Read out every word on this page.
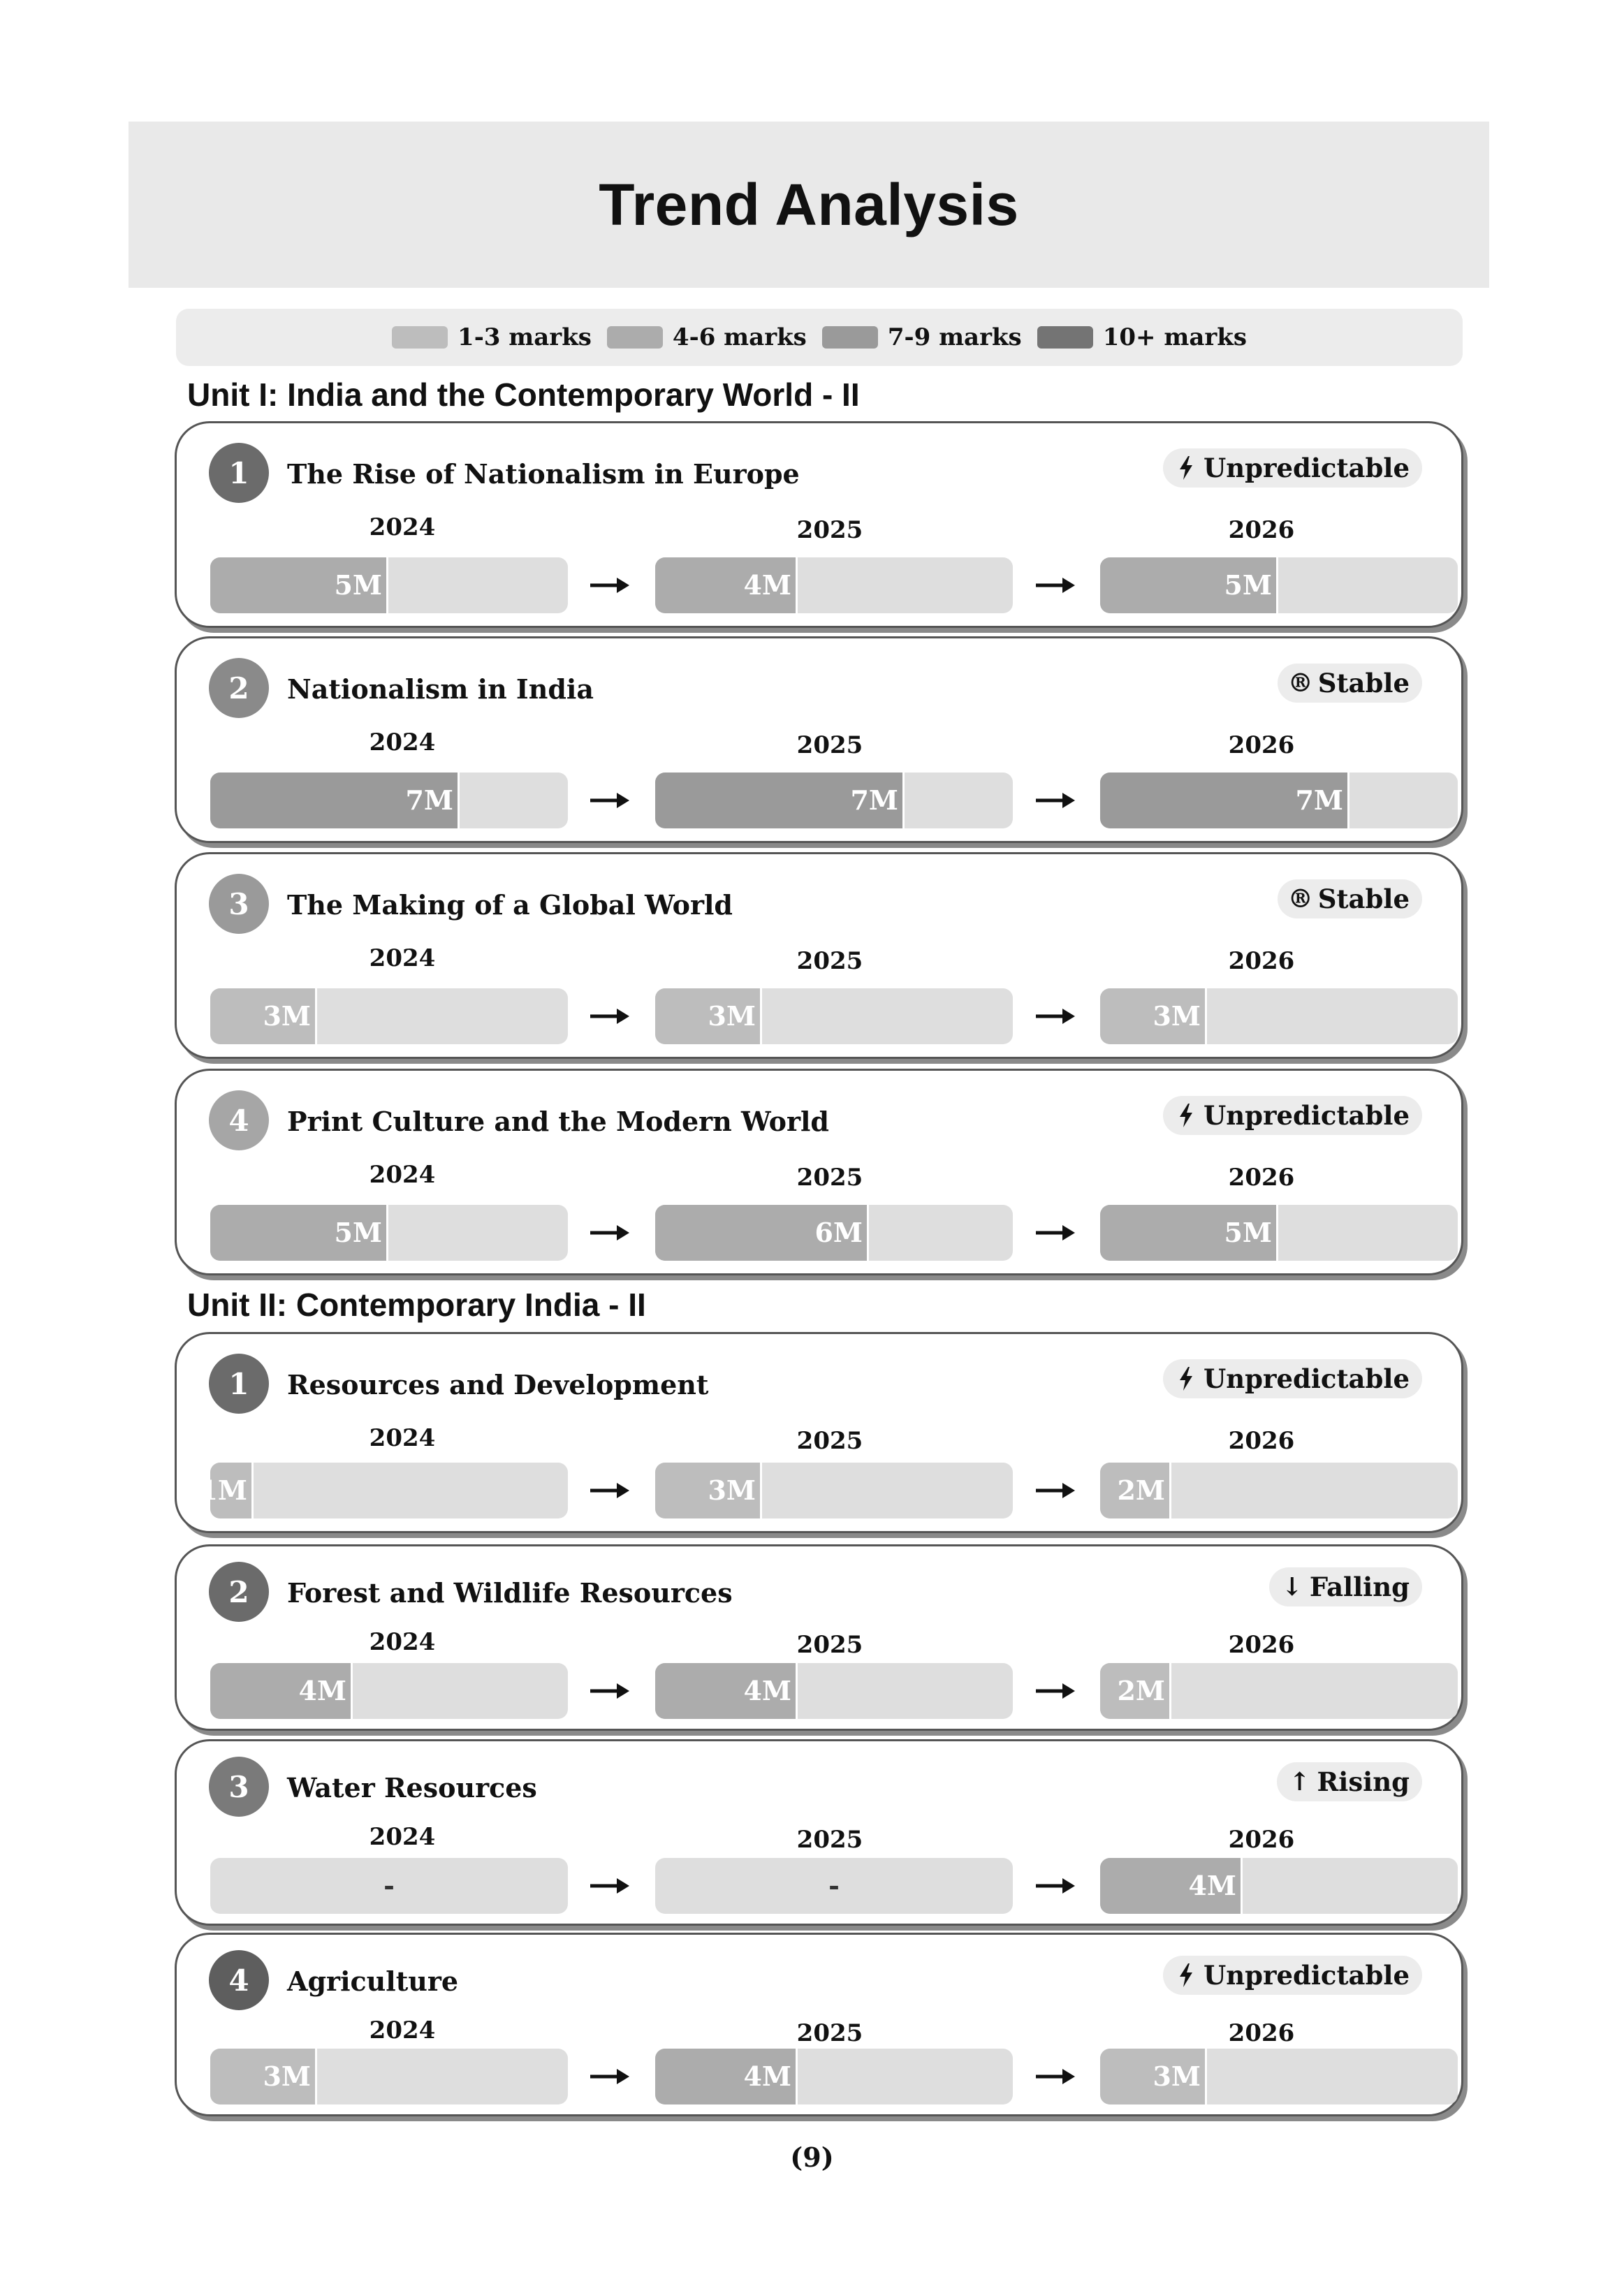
Trend Analysis
1-3 marks	4-6 marks	7-9 marks	10+ marks
Unit I: India and the Contemporary World - II
1	The Rise of Nationalism in Europe	Unpredictable
2024	2025	2026
5M	4M	5M
2	Nationalism in India	® Stable
2024	2025	2026
7M	7M	7M
3	The Making of a Global World	® Stable
2024	2025	2026
3M	3M	3M
4	Print Culture and the Modern World	Unpredictable
2024	2025	2026
5M	6M	5M
Unit II: Contemporary India - II
1	Resources and Development	Unpredictable
2024	2025	2026
1M	3M	2M
2	Forest and Wildlife Resources	↓ Falling
2024	2025	2026
4M	4M	2M
3	Water Resources	↑ Rising
2024	2025	2026
-	-	4M
4	Agriculture	Unpredictable
2024	2025	2026
3M	4M	3M
(9)
